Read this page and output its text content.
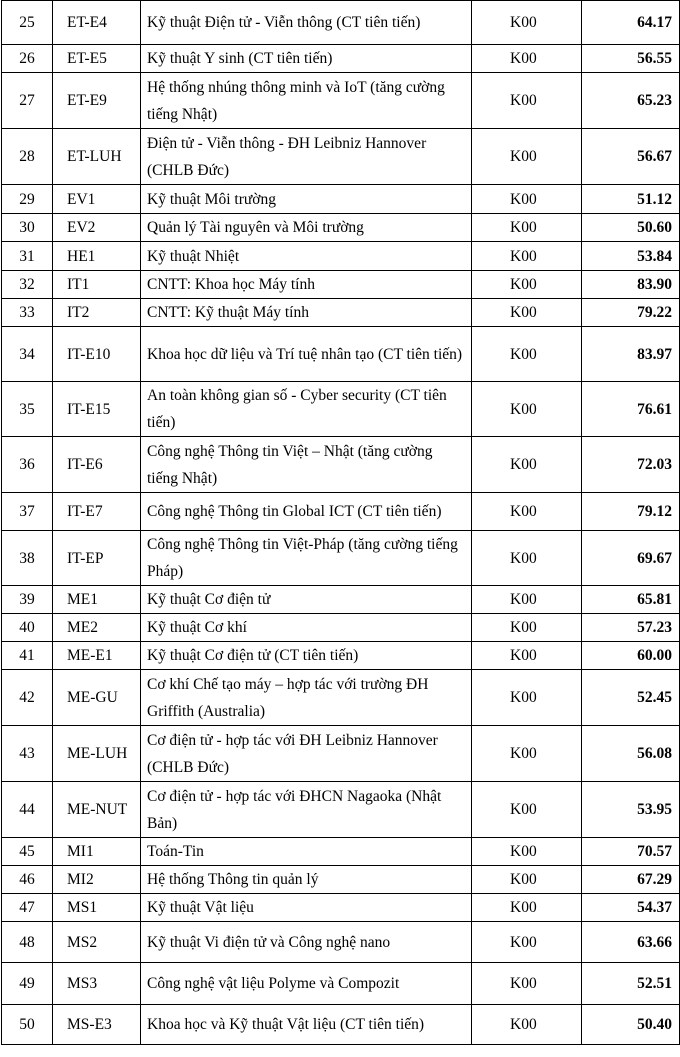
25	ET-E4	Kỹ thuật Điện tử - Viễn thông (CT tiên tiến)	K00	64.17
26	ET-E5	Kỹ thuật Y sinh (CT tiên tiến)	K00	56.55
27	ET-E9	Hệ thống nhúng thông minh và IoT (tăng cường tiếng Nhật)	K00	65.23
28	ET-LUH	Điện tử - Viễn thông - ĐH Leibniz Hannover (CHLB Đức)	K00	56.67
29	EV1	Kỹ thuật Môi trường	K00	51.12
30	EV2	Quản lý Tài nguyên và Môi trường	K00	50.60
31	HE1	Kỹ thuật Nhiệt	K00	53.84
32	IT1	CNTT: Khoa học Máy tính	K00	83.90
33	IT2	CNTT: Kỹ thuật Máy tính	K00	79.22
34	IT-E10	Khoa học dữ liệu và Trí tuệ nhân tạo (CT tiên tiến)	K00	83.97
35	IT-E15	An toàn không gian số - Cyber security (CT tiên tiến)	K00	76.61
36	IT-E6	Công nghệ Thông tin Việt – Nhật (tăng cường tiếng Nhật)	K00	72.03
37	IT-E7	Công nghệ Thông tin Global ICT (CT tiên tiến)	K00	79.12
38	IT-EP	Công nghệ Thông tin Việt-Pháp (tăng cường tiếng Pháp)	K00	69.67
39	ME1	Kỹ thuật Cơ điện tử	K00	65.81
40	ME2	Kỹ thuật Cơ khí	K00	57.23
41	ME-E1	Kỹ thuật Cơ điện tử (CT tiên tiến)	K00	60.00
42	ME-GU	Cơ khí Chế tạo máy – hợp tác với trường ĐH Griffith (Australia)	K00	52.45
43	ME-LUH	Cơ điện tử - hợp tác với ĐH Leibniz Hannover (CHLB Đức)	K00	56.08
44	ME-NUT	Cơ điện tử - hợp tác với ĐHCN Nagaoka (Nhật Bản)	K00	53.95
45	MI1	Toán-Tin	K00	70.57
46	MI2	Hệ thống Thông tin quản lý	K00	67.29
47	MS1	Kỹ thuật Vật liệu	K00	54.37
48	MS2	Kỹ thuật Vi điện tử và Công nghệ nano	K00	63.66
49	MS3	Công nghệ vật liệu Polyme và Compozit	K00	52.51
50	MS-E3	Khoa học và Kỹ thuật Vật liệu (CT tiên tiến)	K00	50.40
